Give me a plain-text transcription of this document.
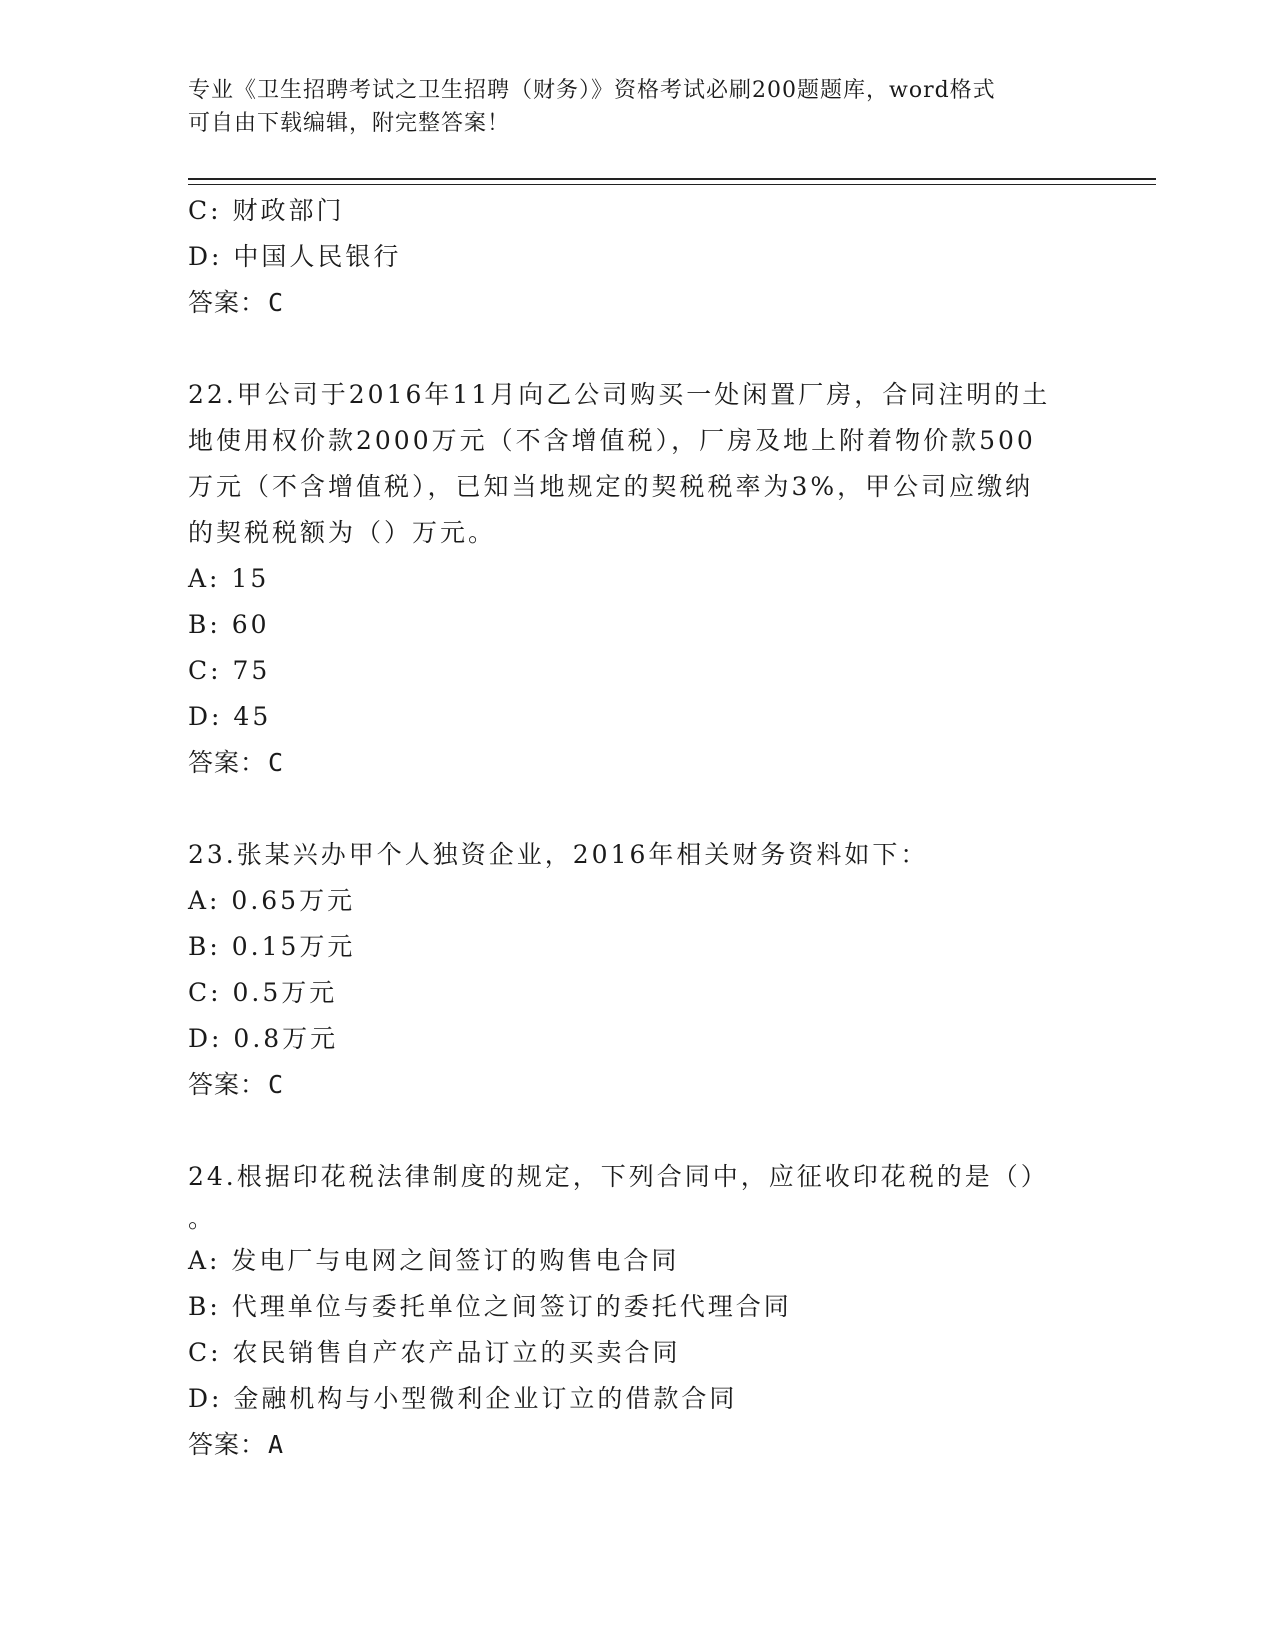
专业《卫生招聘考试之卫生招聘（财务）》资格考试必刷200题题库，word格式
可自由下载编辑，附完整答案！
C: 财政部门
D: 中国人民银行
答案：C
22.甲公司于2016年11月向乙公司购买一处闲置厂房，合同注明的土
地使用权价款2000万元（不含增值税），厂房及地上附着物价款500
万元（不含增值税），已知当地规定的契税税率为3%，甲公司应缴纳
的契税税额为（）万元。
A: 15
B: 60
C: 75
D: 45
答案：C
23.张某兴办甲个人独资企业，2016年相关财务资料如下：
A: 0.65万元
B: 0.15万元
C: 0.5万元
D: 0.8万元
答案：C
24.根据印花税法律制度的规定，下列合同中，应征收印花税的是（）
。
A: 发电厂与电网之间签订的购售电合同
B: 代理单位与委托单位之间签订的委托代理合同
C: 农民销售自产农产品订立的买卖合同
D: 金融机构与小型微利企业订立的借款合同
答案：A
